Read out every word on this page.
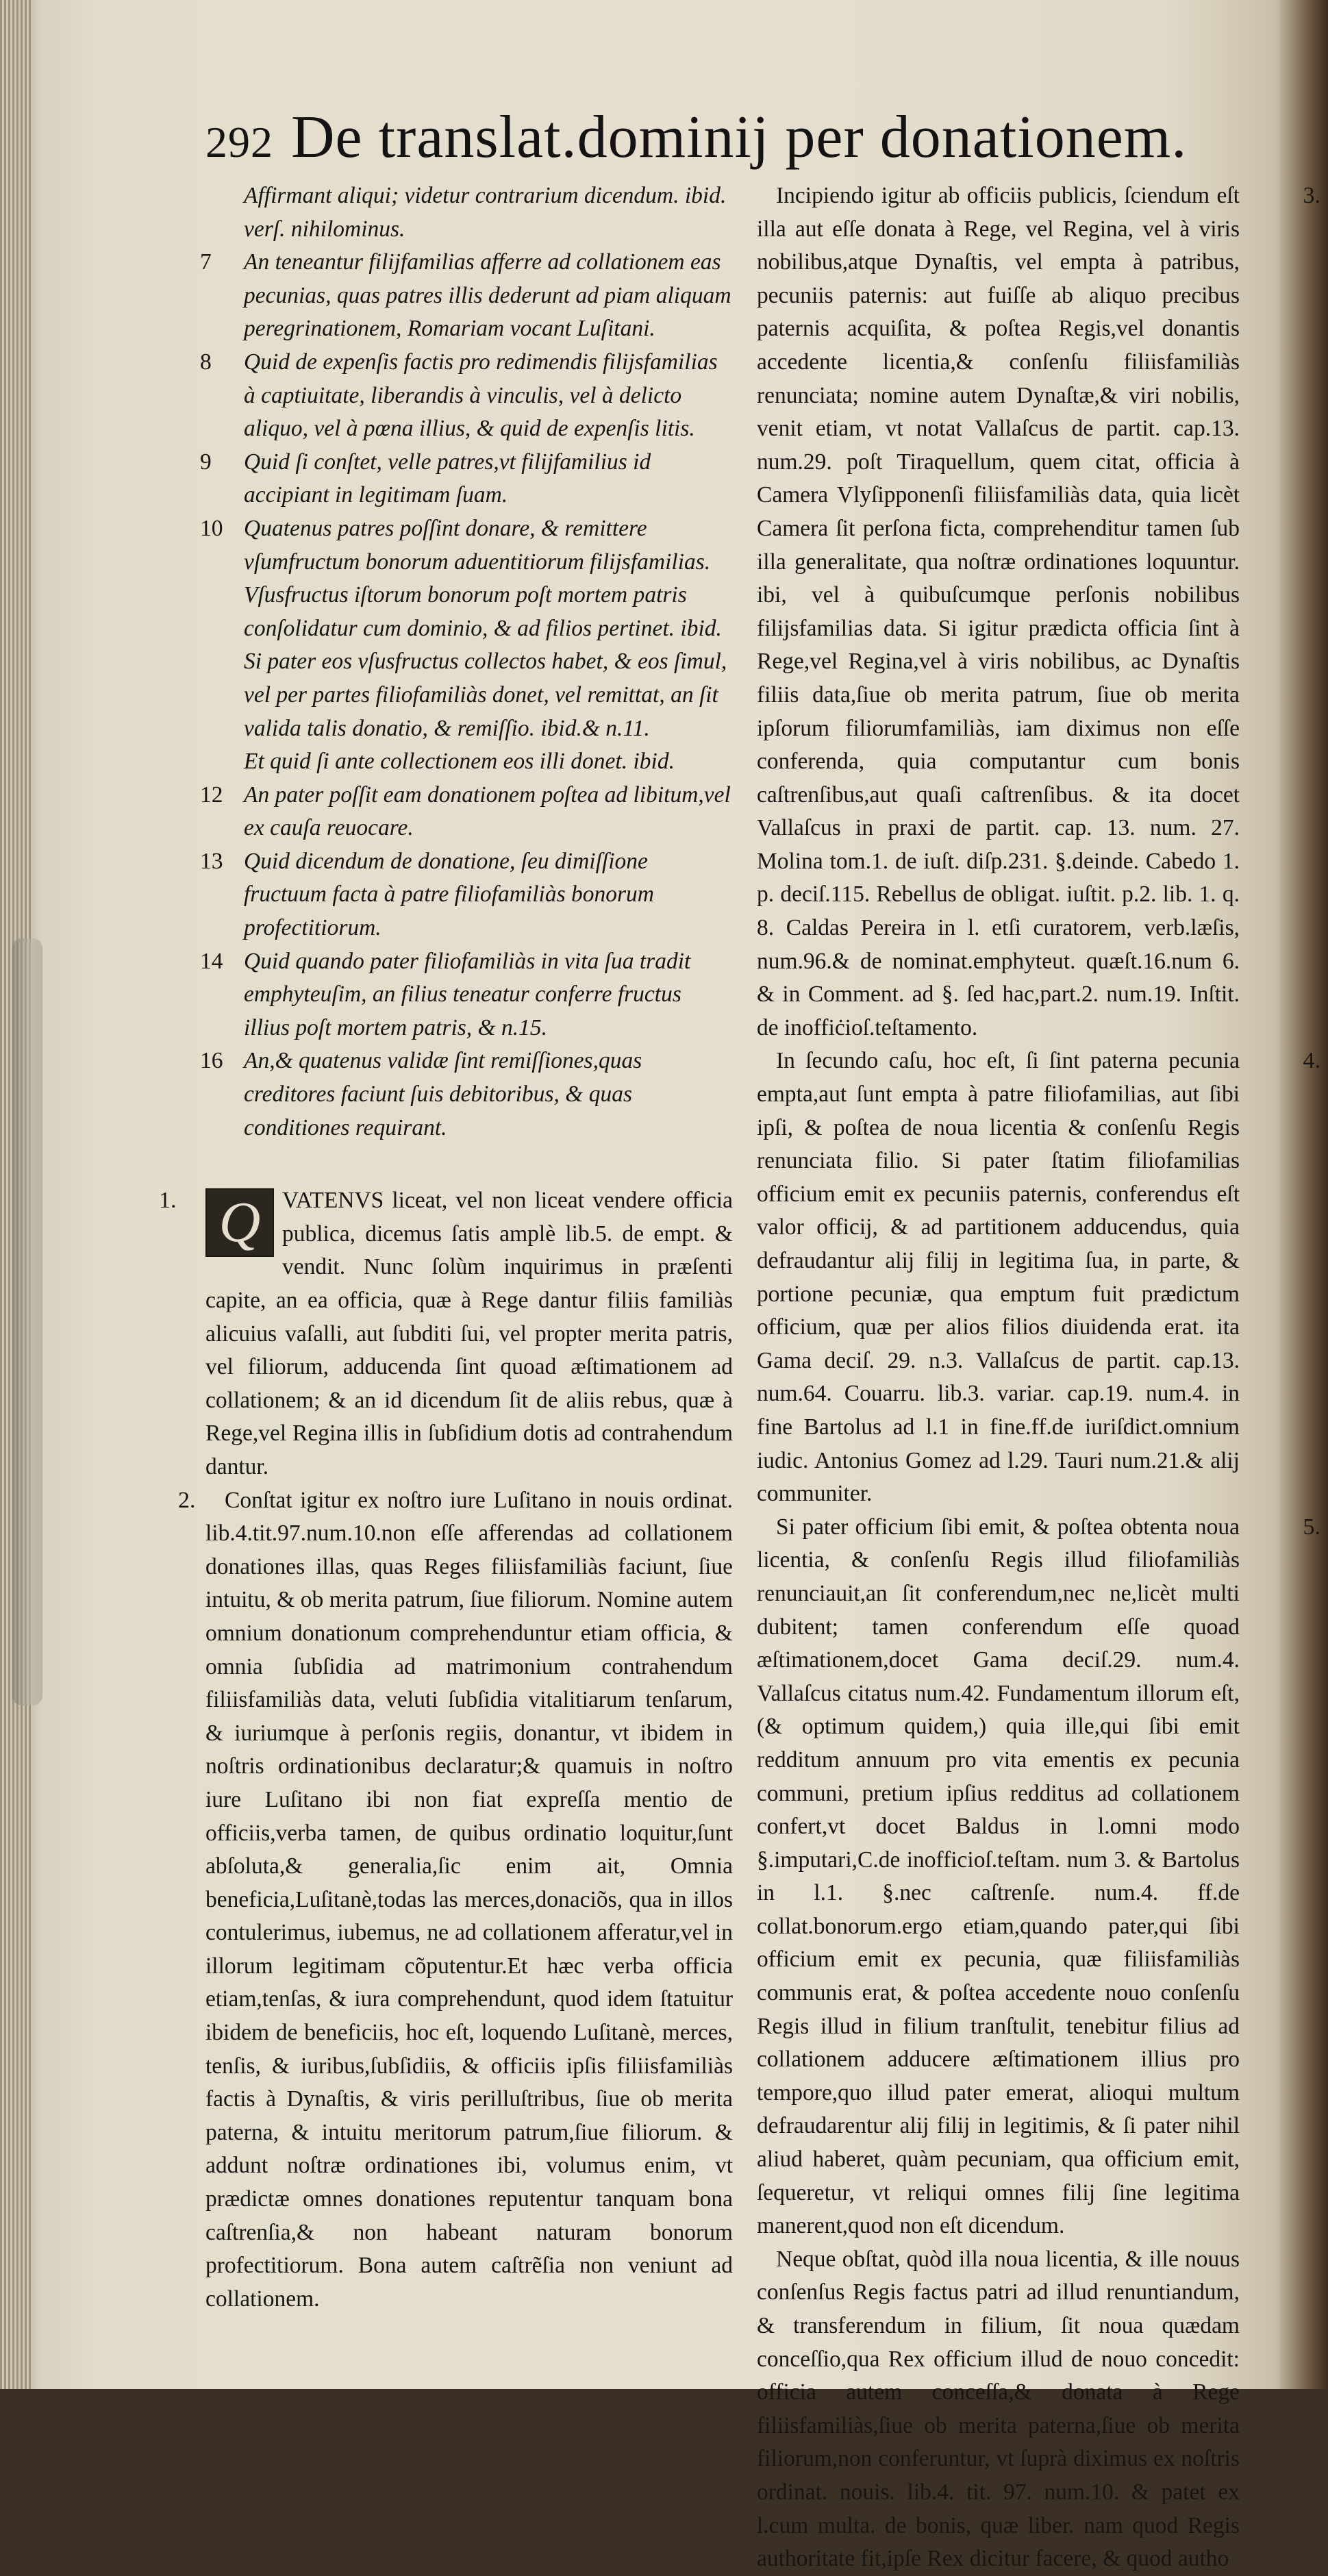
292 De translat.dominij per donationem.
Affirmant aliqui; videtur contrarium dicendum. ibid. verſ. nihilominus.
7	An teneantur filijfamilias afferre ad collationem eas pecunias, quas patres illis dederunt ad piam aliquam peregrinationem, Romariam vocant Luſitani.
8	Quid de expenſis factis pro redimendis filijsfamilias à captiuitate, liberandis à vinculis, vel à delicto aliquo, vel à pœna illius, & quid de expenſis litis.
9	Quid ſi conſtet, velle patres,vt filijfamilius id accipiant in legitimam ſuam.
10 Quatenus patres poſſint donare, & remittere vſumfructum bonorum aduentitiorum filijsfamilias.
Vſusfructus iſtorum bonorum poſt mortem patris conſolidatur cum dominio, & ad filios pertinet. ibid.
Si pater eos vſusfructus collectos habet, & eos ſimul, vel per partes filiofamiliàs donet, vel remittat, an ſit valida talis donatio, & remiſſio. ibid.& n.11.
Et quid ſi ante collectionem eos illi donet. ibid.
12 An pater poſſit eam donationem poſtea ad libitum,vel ex cauſa reuocare.
13 Quid dicendum de donatione, ſeu dimiſſione fructuum facta à patre filiofamiliàs bonorum profectitiorum.
14 Quid quando pater filiofamiliàs in vita ſua tradit emphyteuſim, an filius teneatur conferre fructus illius poſt mortem patris, & n.15.
16 An,& quatenus validæ ſint remiſſiones,quas creditores faciunt ſuis debitoribus, & quas conditiones requirant.

1. Q VATENVS liceat, vel non liceat vendere officia publica, dicemus ſatis amplè lib.5. de empt. & vendit. Nunc ſolùm inquirimus in præſenti capite, an ea officia, quæ à Rege dantur filiis familiàs alicuius vaſalli, aut ſubditi ſui, vel propter merita patris, vel filiorum, adducenda ſint quoad æſtimationem ad collationem; & an id dicendum ſit de aliis rebus, quæ à Rege,vel Regina illis in ſubſidium dotis ad contrahendum dantur.

2. Conſtat igitur ex noſtro iure Luſitano in nouis ordinat. lib.4.tit.97.num.10.non eſſe afferendas ad collationem donationes illas, quas Reges filiisfamiliàs faciunt, ſiue intuitu, & ob merita patrum, ſiue filiorum. Nomine autem omnium donationum comprehenduntur etiam officia, & omnia ſubſidia ad matrimonium contrahendum filiisfamiliàs data, veluti ſubſidia vitalitiarum tenſarum, & iuriumque à perſonis regiis, donantur, vt ibidem in noſtris ordinationibus declaratur;& quamuis in noſtro iure Luſitano ibi non fiat expreſſa mentio de officiis,verba tamen, de quibus ordinatio loquitur,ſunt abſoluta,& generalia,ſic enim ait, Omnia beneficia,Luſitanè,todas las merces,donaciõs, qua in illos contulerimus, iubemus, ne ad collationem afferatur,vel in illorum legitimam cõputentur.Et hæc verba officia etiam,tenſas, & iura comprehendunt, quod idem ſtatuitur ibidem de beneficiis, hoc eſt, loquendo Luſitanè, merces, tenſis, & iuribus,ſubſidiis, & officiis ipſis filiisfamiliàs factis à Dynaſtis, & viris perilluſtribus, ſiue ob merita paterna, & intuitu meritorum patrum,ſiue filiorum. & addunt noſtræ ordinationes ibi, volumus enim, vt prædictæ omnes donationes reputentur tanquam bona caſtrenſia,& non habeant naturam bonorum profectitiorum. Bona autem caſtrẽſia non veniunt ad collationem.

3.
Incipiendo igitur ab officiis publicis, ſciendum eſt illa aut eſſe donata à Rege, vel Regina, vel à viris nobilibus,atque Dynaſtis, vel empta à patribus, pecuniis paternis: aut fuiſſe ab aliquo precibus paternis acquiſita, & poſtea Regis,vel donantis accedente licentia,& conſenſu filiisfamiliàs renunciata; nomine autem Dynaſtæ,& viri nobilis, venit etiam, vt notat Vallaſcus de partit. cap.13. num.29. poſt Tiraquellum, quem citat, officia à Camera Vlyſipponenſi filiisfamiliàs data, quia licèt Camera ſit perſona ficta, comprehenditur tamen ſub illa generalitate, qua noſtræ ordinationes loquuntur. ibi, vel à quibuſcumque perſonis nobilibus filijsfamilias data. Si igitur prædicta officia ſint à Rege,vel Regina,vel à viris nobilibus, ac Dynaſtis filiis data,ſiue ob merita patrum, ſiue ob merita ipſorum filiorumfamiliàs, iam diximus non eſſe conferenda, quia computantur cum bonis caſtrenſibus,aut quaſi caſtrenſibus. & ita docet Vallaſcus in praxi de partit. cap. 13. num. 27. Molina tom.1. de iuſt. diſp.231. §.deinde. Cabedo 1. p. deciſ.115. Rebellus de obligat. iuſtit. p.2. lib. 1. q. 8. Caldas Pereira in l. etſi curatorem, verb.læſis, num.96.& de nominat.emphyteut. quæſt.16.num 6. & in Comment. ad §. ſed hac,part.2. num.19. Inſtit. de inoffiċioſ.teſtamento.

4.
In ſecundo caſu, hoc eſt, ſi ſint paterna pecunia empta,aut ſunt empta à patre filiofamilias, aut ſibi ipſi, & poſtea de noua licentia & conſenſu Regis renunciata filio. Si pater ſtatim filiofamilias officium emit ex pecuniis paternis, conferendus eſt valor officij, & ad partitionem adducendus, quia defraudantur alij filij in legitima ſua, in parte, & portione pecuniæ, qua emptum fuit prædictum officium, quæ per alios filios diuidenda erat. ita Gama deciſ. 29. n.3. Vallaſcus de partit. cap.13. num.64. Couarru. lib.3. variar. cap.19. num.4. in fine Bartolus ad l.1 in fine.ff.de iuriſdict.omnium iudic. Antonius Gomez ad l.29. Tauri num.21.& alij communiter.

5.
Si pater officium ſibi emit, & poſtea obtenta noua licentia, & conſenſu Regis illud filiofamiliàs renunciauit,an ſit conferendum,nec ne,licèt multi dubitent; tamen conferendum eſſe quoad æſtimationem,docet Gama deciſ.29. num.4. Vallaſcus citatus num.42. Fundamentum illorum eſt, (& optimum quidem,) quia ille,qui ſibi emit redditum annuum pro vita ementis ex pecunia communi, pretium ipſius redditus ad collationem confert,vt docet Baldus in l.omni modo §.imputari,C.de inofficioſ.teſtam. num 3. & Bartolus in l.1. §.nec caſtrenſe. num.4. ff.de collat.bonorum.ergo etiam,quando pater,qui ſibi officium emit ex pecunia, quæ filiisfamiliàs communis erat, & poſtea accedente nouo conſenſu Regis illud in filium tranſtulit, tenebitur filius ad collationem adducere æſtimationem illius pro tempore,quo illud pater emerat, alioqui multum defraudarentur alij filij in legitimis, & ſi pater nihil aliud haberet, quàm pecuniam, qua officium emit, ſequeretur, vt reliqui omnes filij ſine legitima manerent,quod non eſt dicendum.

Neque obſtat, quòd illa noua licentia, & ille nouus conſenſus Regis factus patri ad illud renuntiandum, & transferendum in filium, ſit noua quædam conceſſio,qua Rex officium illud de nouo concedit: officia autem conceſſa,& donata à Rege filiisfamiliàs,ſiue ob merita paterna,ſiue ob merita filiorum,non conferuntur, vt ſuprà diximus ex noſtris ordinat. nouis. lib.4. tit. 97. num.10. & patet ex l.cum multa. de bonis, quæ liber. nam quod Regis authoritate fit,ipſe Rex dicitur facere, & quod autho
